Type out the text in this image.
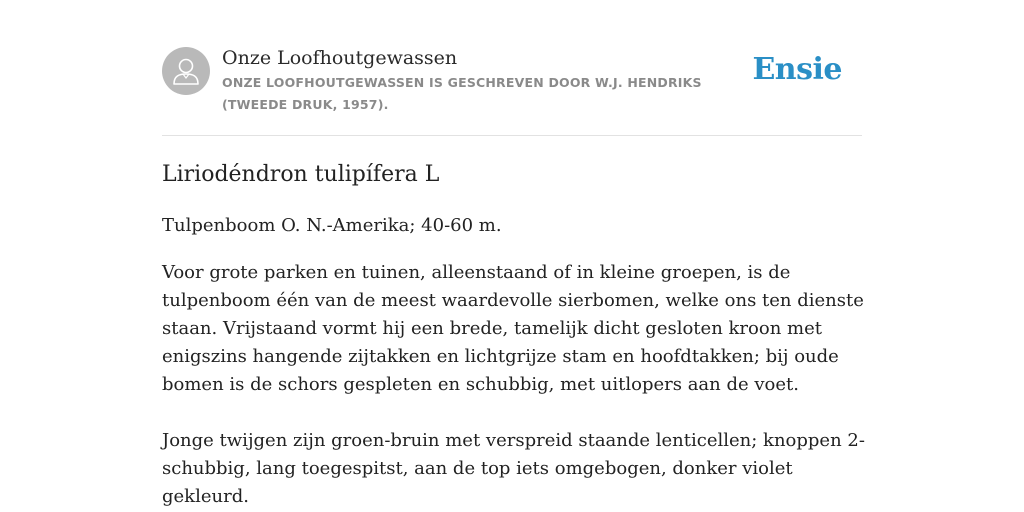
Onze Loofhoutgewassen
ONZE LOOFHOUTGEWASSEN IS GESCHREVEN DOOR W.J. HENDRIKS (TWEEDE DRUK, 1957).
Ensie
Liriodéndron tulipífera L

Tulpenboom O. N.-Amerika; 40-60 m.

Voor grote parken en tuinen, alleenstaand of in kleine groepen, is de tulpenboom één van de meest waardevolle sierbomen, welke ons ten dienste staan. Vrijstaand vormt hij een brede, tamelijk dicht gesloten kroon met enigszins hangende zijtakken en lichtgrijze stam en hoofdtakken; bij oude bomen is de schors gespleten en schubbig, met uitlopers aan de voet.

Jonge twijgen zijn groen-bruin met verspreid staande lenticellen; knoppen 2-schubbig, lang toegespitst, aan de top iets omgebogen, donker violet gekleurd.
